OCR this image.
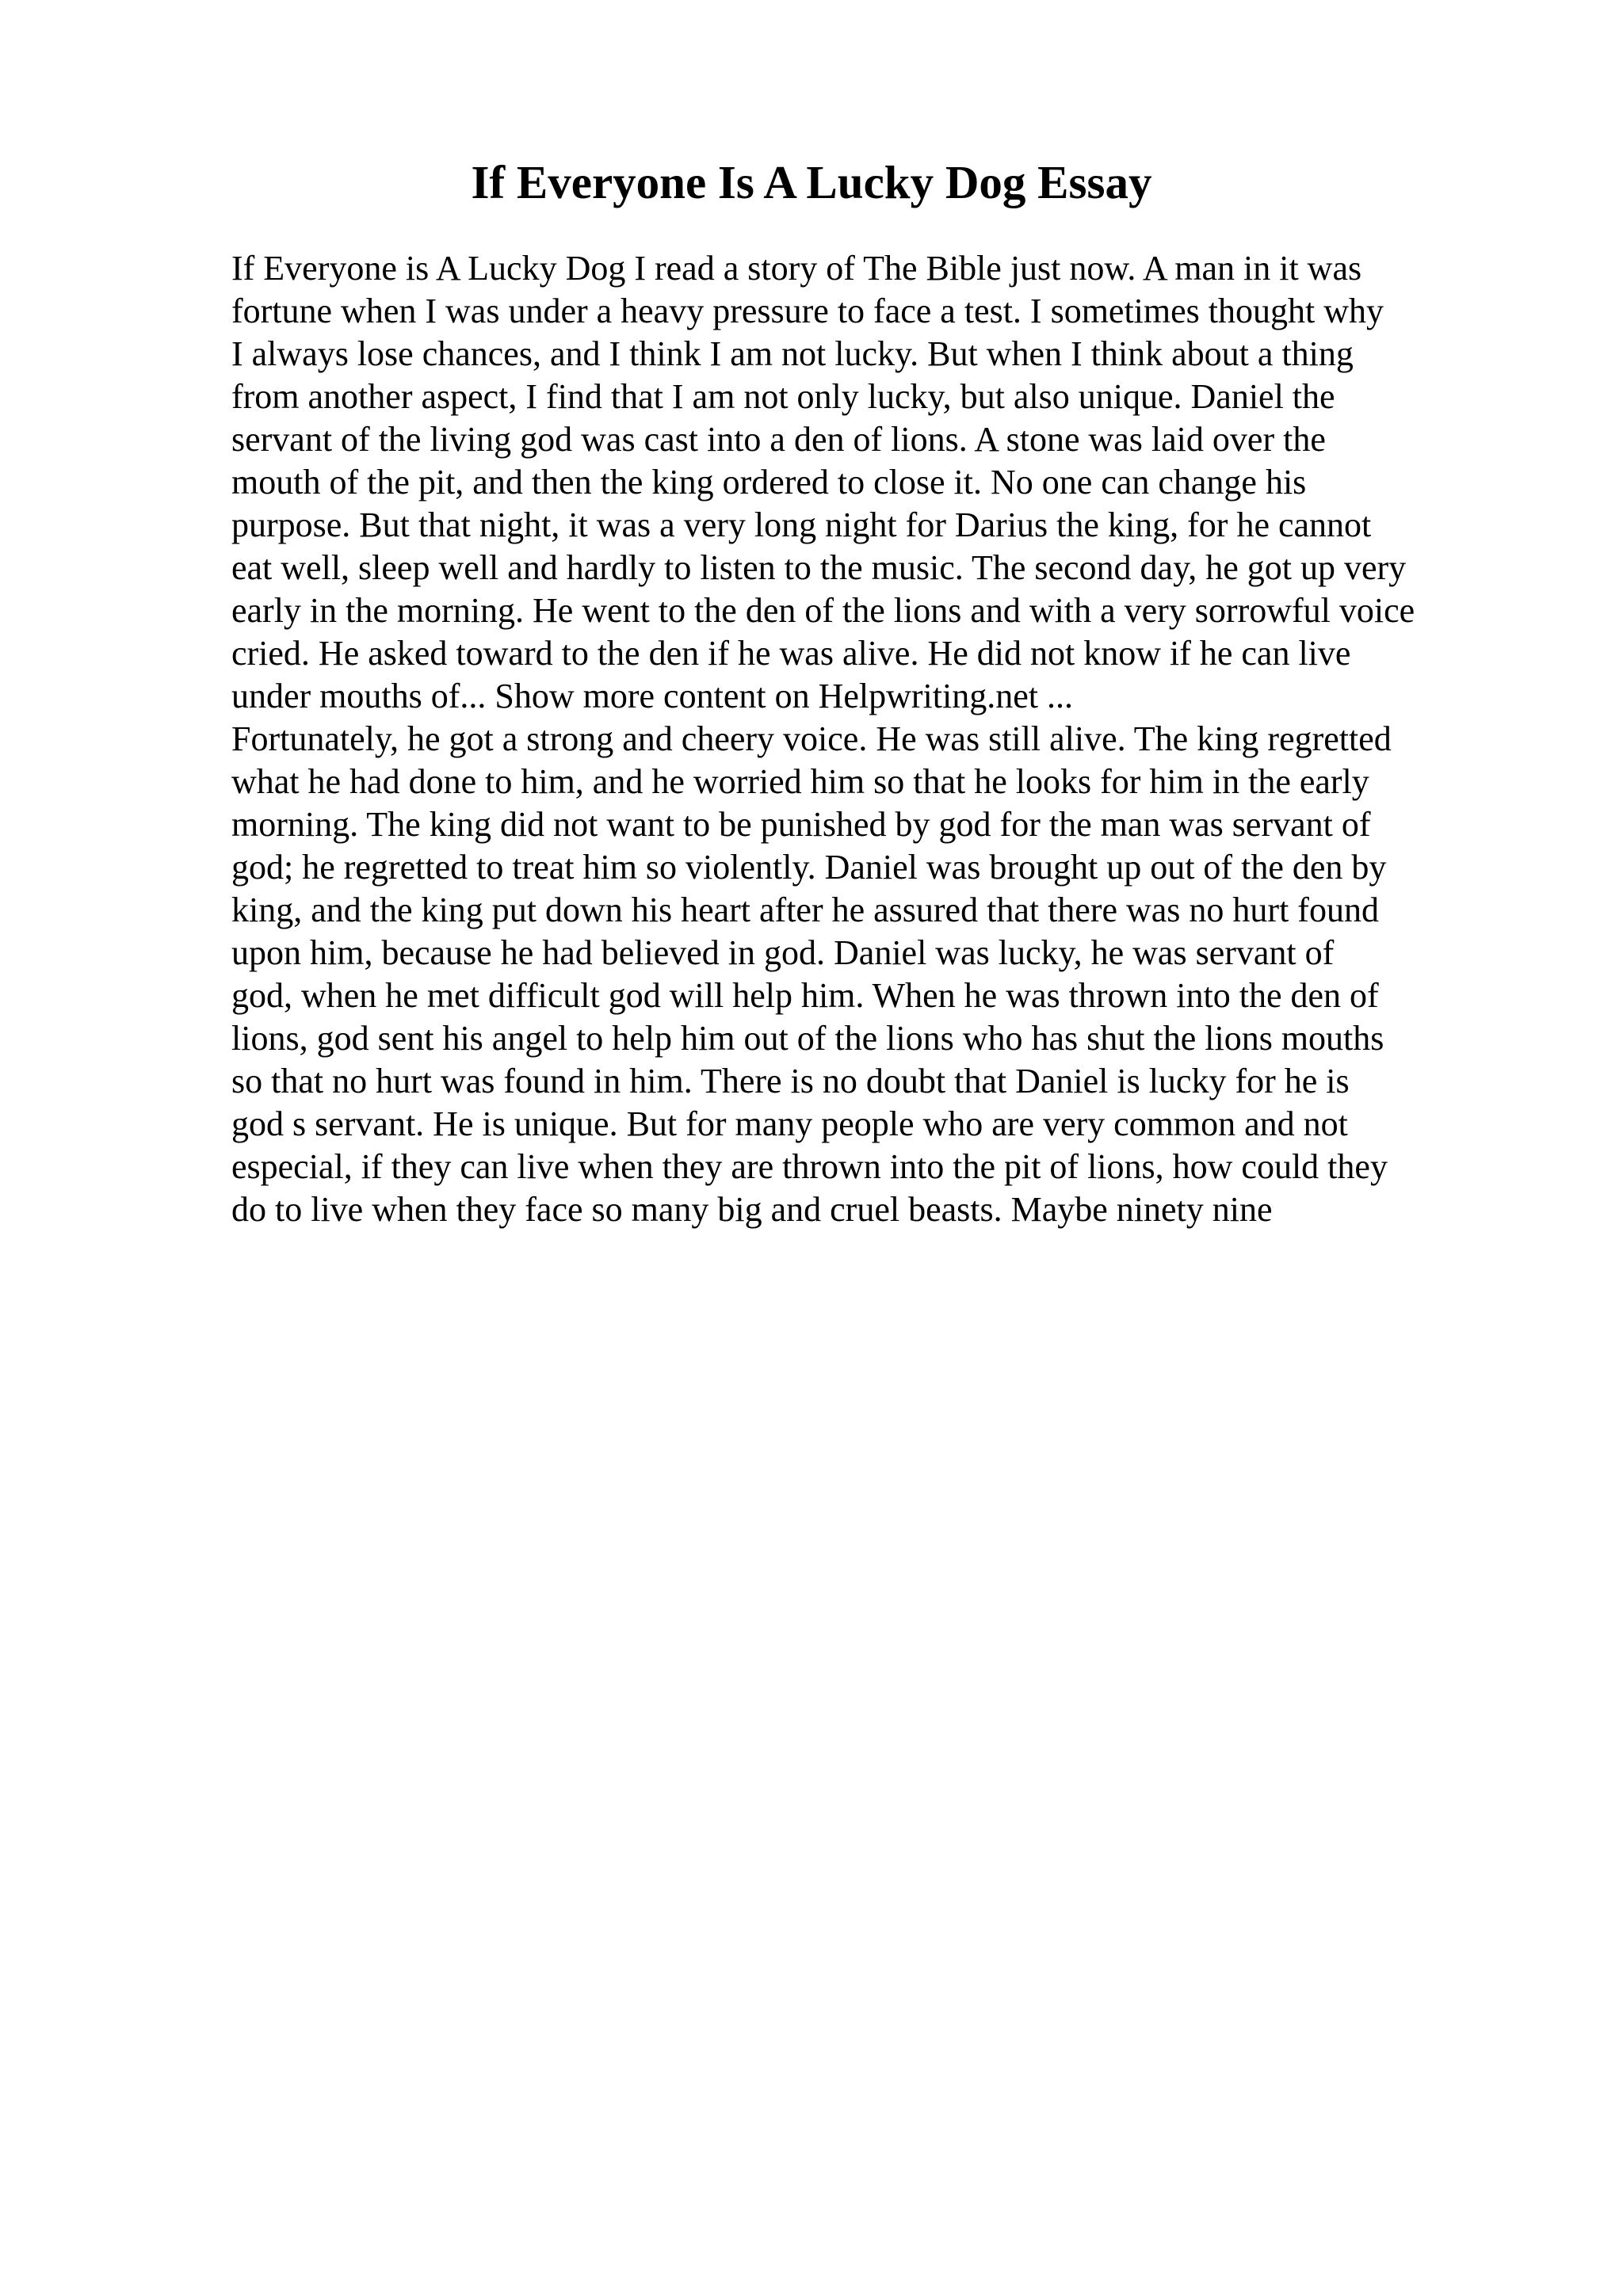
If Everyone Is A Lucky Dog Essay
If Everyone is A Lucky Dog I read a story of The Bible just now. A man in it was
fortune when I was under a heavy pressure to face a test. I sometimes thought why
I always lose chances, and I think I am not lucky. But when I think about a thing
from another aspect, I find that I am not only lucky, but also unique. Daniel the
servant of the living god was cast into a den of lions. A stone was laid over the
mouth of the pit, and then the king ordered to close it. No one can change his
purpose. But that night, it was a very long night for Darius the king, for he cannot
eat well, sleep well and hardly to listen to the music. The second day, he got up very
early in the morning. He went to the den of the lions and with a very sorrowful voice
cried. He asked toward to the den if he was alive. He did not know if he can live
under mouths of... Show more content on Helpwriting.net ...
Fortunately, he got a strong and cheery voice. He was still alive. The king regretted
what he had done to him, and he worried him so that he looks for him in the early
morning. The king did not want to be punished by god for the man was servant of
god; he regretted to treat him so violently. Daniel was brought up out of the den by
king, and the king put down his heart after he assured that there was no hurt found
upon him, because he had believed in god. Daniel was lucky, he was servant of
god, when he met difficult god will help him. When he was thrown into the den of
lions, god sent his angel to help him out of the lions who has shut the lions mouths
so that no hurt was found in him. There is no doubt that Daniel is lucky for he is
god s servant. He is unique. But for many people who are very common and not
especial, if they can live when they are thrown into the pit of lions, how could they
do to live when they face so many big and cruel beasts. Maybe ninety nine
